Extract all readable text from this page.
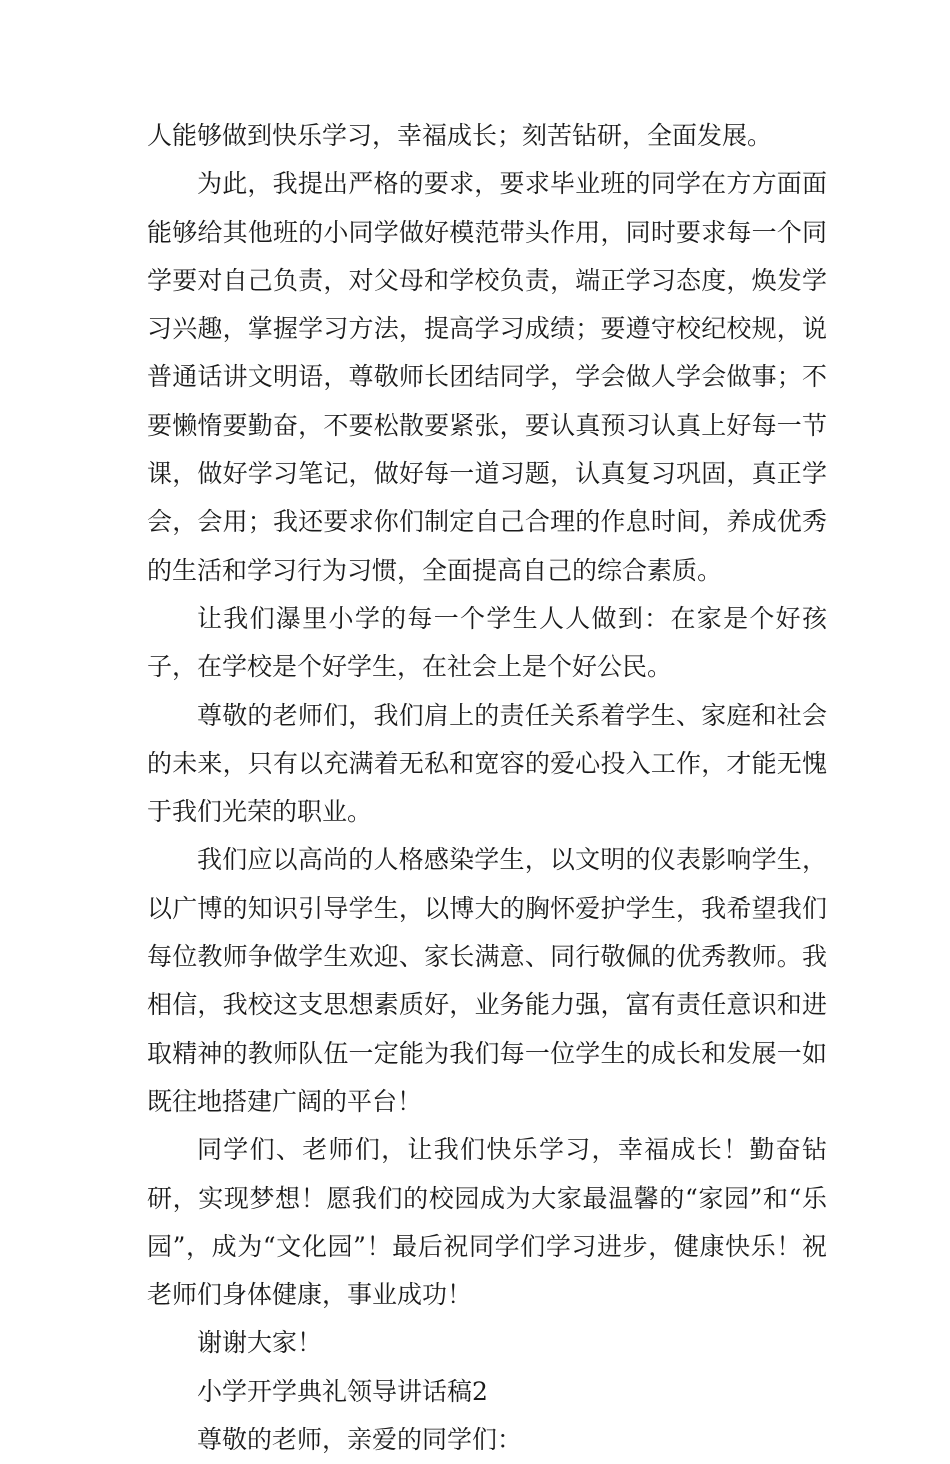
人能够做到快乐学习，幸福成长；刻苦钻研，全面发展。

为此，我提出严格的要求，要求毕业班的同学在方方面面能够给其他班的小同学做好模范带头作用，同时要求每一个同学要对自己负责，对父母和学校负责，端正学习态度，焕发学习兴趣，掌握学习方法，提高学习成绩；要遵守校纪校规，说普通话讲文明语，尊敬师长团结同学，学会做人学会做事；不要懒惰要勤奋，不要松散要紧张，要认真预习认真上好每一节课，做好学习笔记，做好每一道习题，认真复习巩固，真正学会，会用；我还要求你们制定自己合理的作息时间，养成优秀的生活和学习行为习惯，全面提高自己的综合素质。

让我们瀑里小学的每一个学生人人做到：在家是个好孩子，在学校是个好学生，在社会上是个好公民。

尊敬的老师们，我们肩上的责任关系着学生、家庭和社会的未来，只有以充满着无私和宽容的爱心投入工作，才能无愧于我们光荣的职业。

我们应以高尚的人格感染学生，以文明的仪表影响学生，以广博的知识引导学生，以博大的胸怀爱护学生，我希望我们每位教师争做学生欢迎、家长满意、同行敬佩的优秀教师。我相信，我校这支思想素质好，业务能力强，富有责任意识和进取精神的教师队伍一定能为我们每一位学生的成长和发展一如既往地搭建广阔的平台！

同学们、老师们，让我们快乐学习，幸福成长！勤奋钻研，实现梦想！愿我们的校园成为大家最温馨的“家园”和“乐园”，成为“文化园”！最后祝同学们学习进步，健康快乐！祝老师们身体健康，事业成功！

谢谢大家！

小学开学典礼领导讲话稿2

尊敬的老师，亲爱的同学们：
